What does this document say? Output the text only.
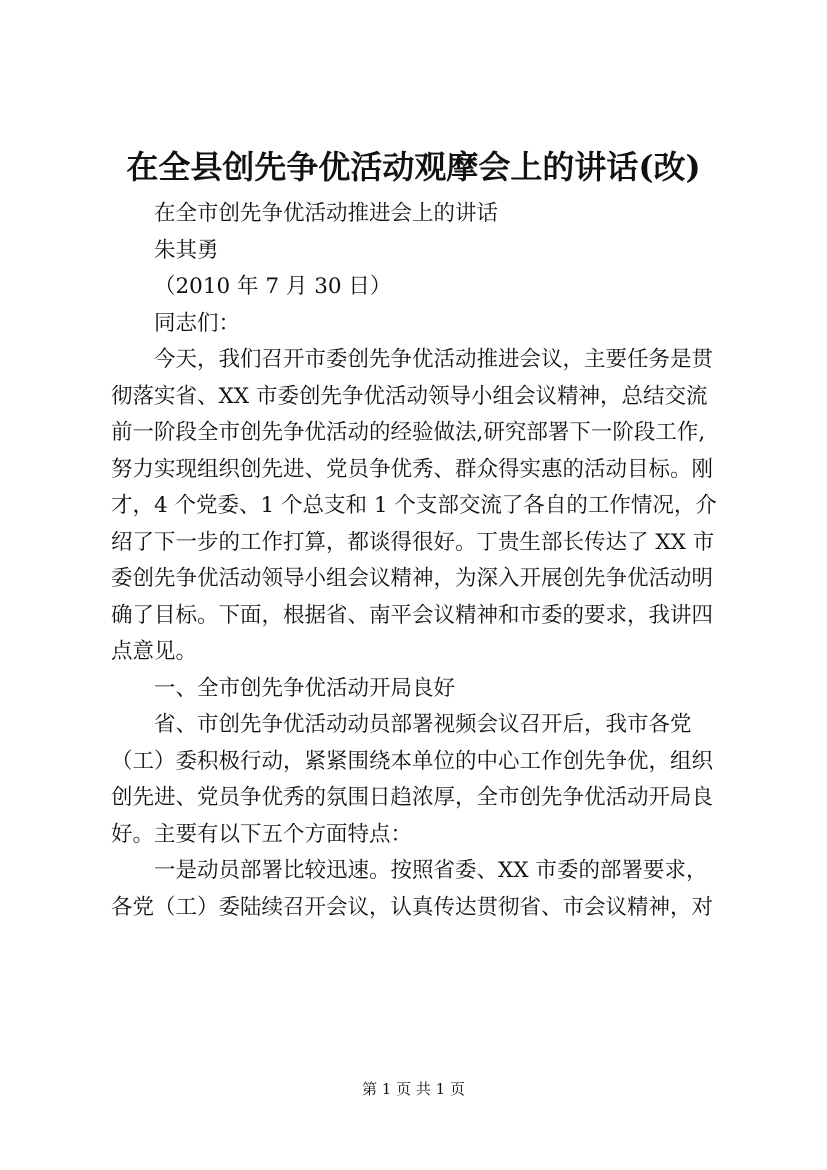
在全县创先争优活动观摩会上的讲话(改)
在全市创先争优活动推进会上的讲话
朱其勇
（2010 年 7 月 30 日）
同志们：
今天，我们召开市委创先争优活动推进会议，主要任务是贯
彻落实省、XX 市委创先争优活动领导小组会议精神，总结交流
前一阶段全市创先争优活动的经验做法,研究部署下一阶段工作,
努力实现组织创先进、党员争优秀、群众得实惠的活动目标。刚
才，4 个党委、1 个总支和 1 个支部交流了各自的工作情况，介
绍了下一步的工作打算，都谈得很好。丁贵生部长传达了 XX 市
委创先争优活动领导小组会议精神，为深入开展创先争优活动明
确了目标。下面，根据省、南平会议精神和市委的要求，我讲四
点意见。
一、全市创先争优活动开局良好
省、市创先争优活动动员部署视频会议召开后，我市各党
（工）委积极行动，紧紧围绕本单位的中心工作创先争优，组织
创先进、党员争优秀的氛围日趋浓厚，全市创先争优活动开局良
好。主要有以下五个方面特点：
一是动员部署比较迅速。按照省委、XX 市委的部署要求，
各党（工）委陆续召开会议，认真传达贯彻省、市会议精神，对
第 1 页 共 1 页
